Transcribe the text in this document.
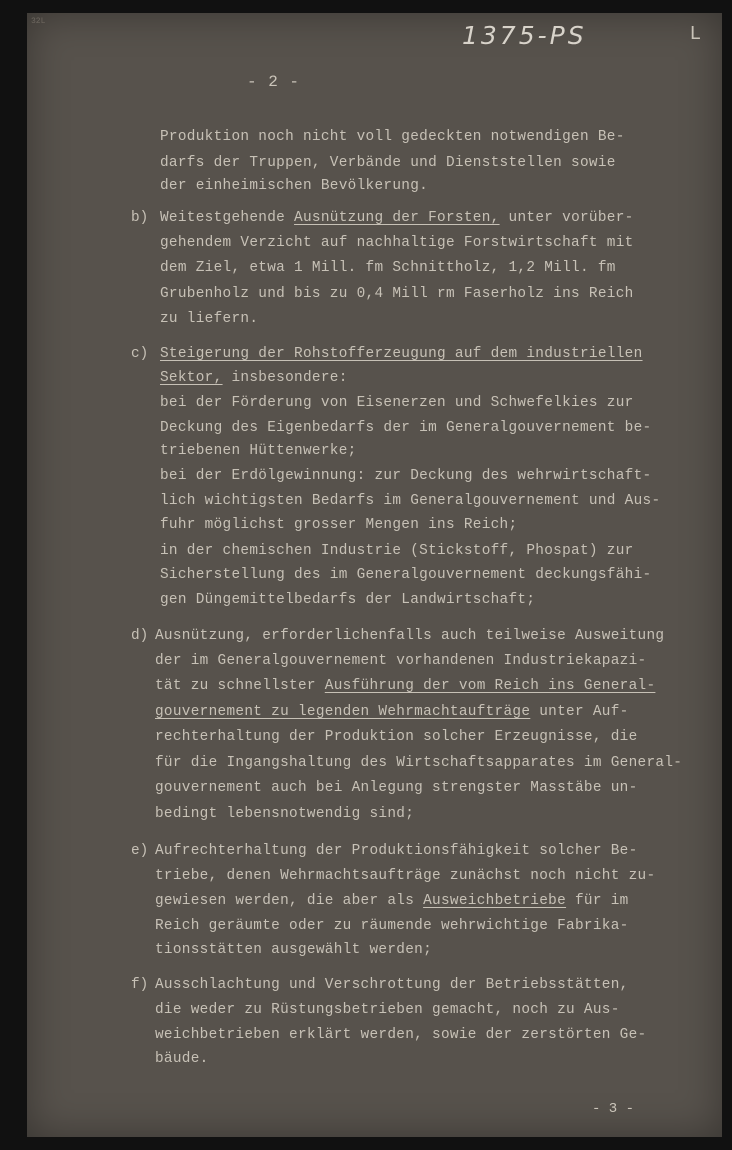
32L	1375-PS	L
- 2 -
Produktion noch nicht voll gedeckten notwendigen Be-
darfs der Truppen, Verbände und Dienststellen sowie
der einheimischen Bevölkerung.
b) Weitestgehende Ausnützung der Forsten, unter vorüber-
gehendem Verzicht auf nachhaltige Forstwirtschaft mit
dem Ziel, etwa 1 Mill. fm Schnittholz, 1,2 Mill. fm
Grubenholz und bis zu 0,4 Mill rm Faserholz ins Reich
zu liefern.
c) Steigerung der Rohstofferzeugung auf dem industriellen
Sektor, insbesondere:
bei der Förderung von Eisenerzen und Schwefelkies zur
Deckung des Eigenbedarfs der im Generalgouvernement be-
triebenen Hüttenwerke;
bei der Erdölgewinnung: zur Deckung des wehrwirtschaft-
lich wichtigsten Bedarfs im Generalgouvernement und Aus-
fuhr möglichst grosser Mengen ins Reich;
in der chemischen Industrie (Stickstoff, Phospat) zur
Sicherstellung des im Generalgouvernement deckungsfähi-
gen Düngemittelbedarfs der Landwirtschaft;
d) Ausnützung, erforderlichenfalls auch teilweise Ausweitung
der im Generalgouvernement vorhandenen Industriekapazi-
tät zu schnellster Ausführung der vom Reich ins General-
gouvernement zu legenden Wehrmachtaufträge unter Auf-
rechterhaltung der Produktion solcher Erzeugnisse, die
für die Ingangshaltung des Wirtschaftsapparates im General-
gouvernement auch bei Anlegung strengster Masstäbe un-
bedingt lebensnotwendig sind;
e) Aufrechterhaltung der Produktionsfähigkeit solcher Be-
triebe, denen Wehrmachtsaufträge zunächst noch nicht zu-
gewiesen werden, die aber als Ausweichbetriebe für im
Reich geräumte oder zu räumende wehrwichtige Fabrika-
tionsstätten ausgewählt werden;
f) Ausschlachtung und Verschrottung der Betriebsstätten,
die weder zu Rüstungsbetrieben gemacht, noch zu Aus-
weichbetrieben erklärt werden, sowie der zerstörten Ge-
bäude.
- 3 -
